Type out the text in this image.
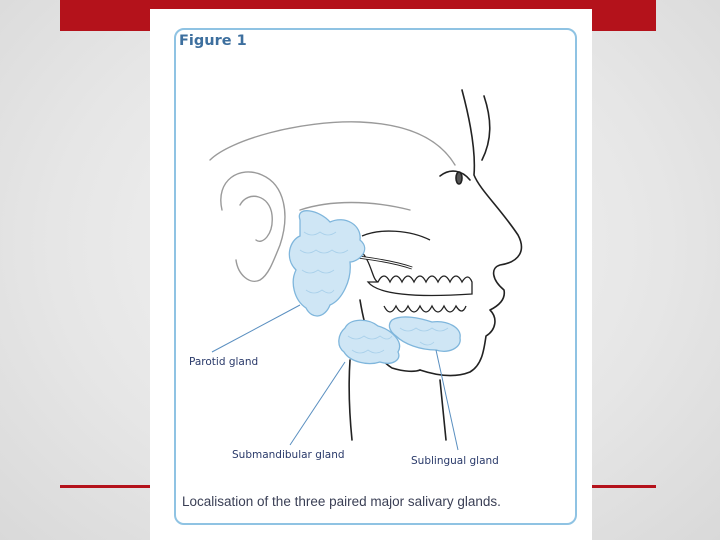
Figure 1
Parotid gland
Submandibular gland	Sublingual gland
Localisation of the three paired major salivary glands.
